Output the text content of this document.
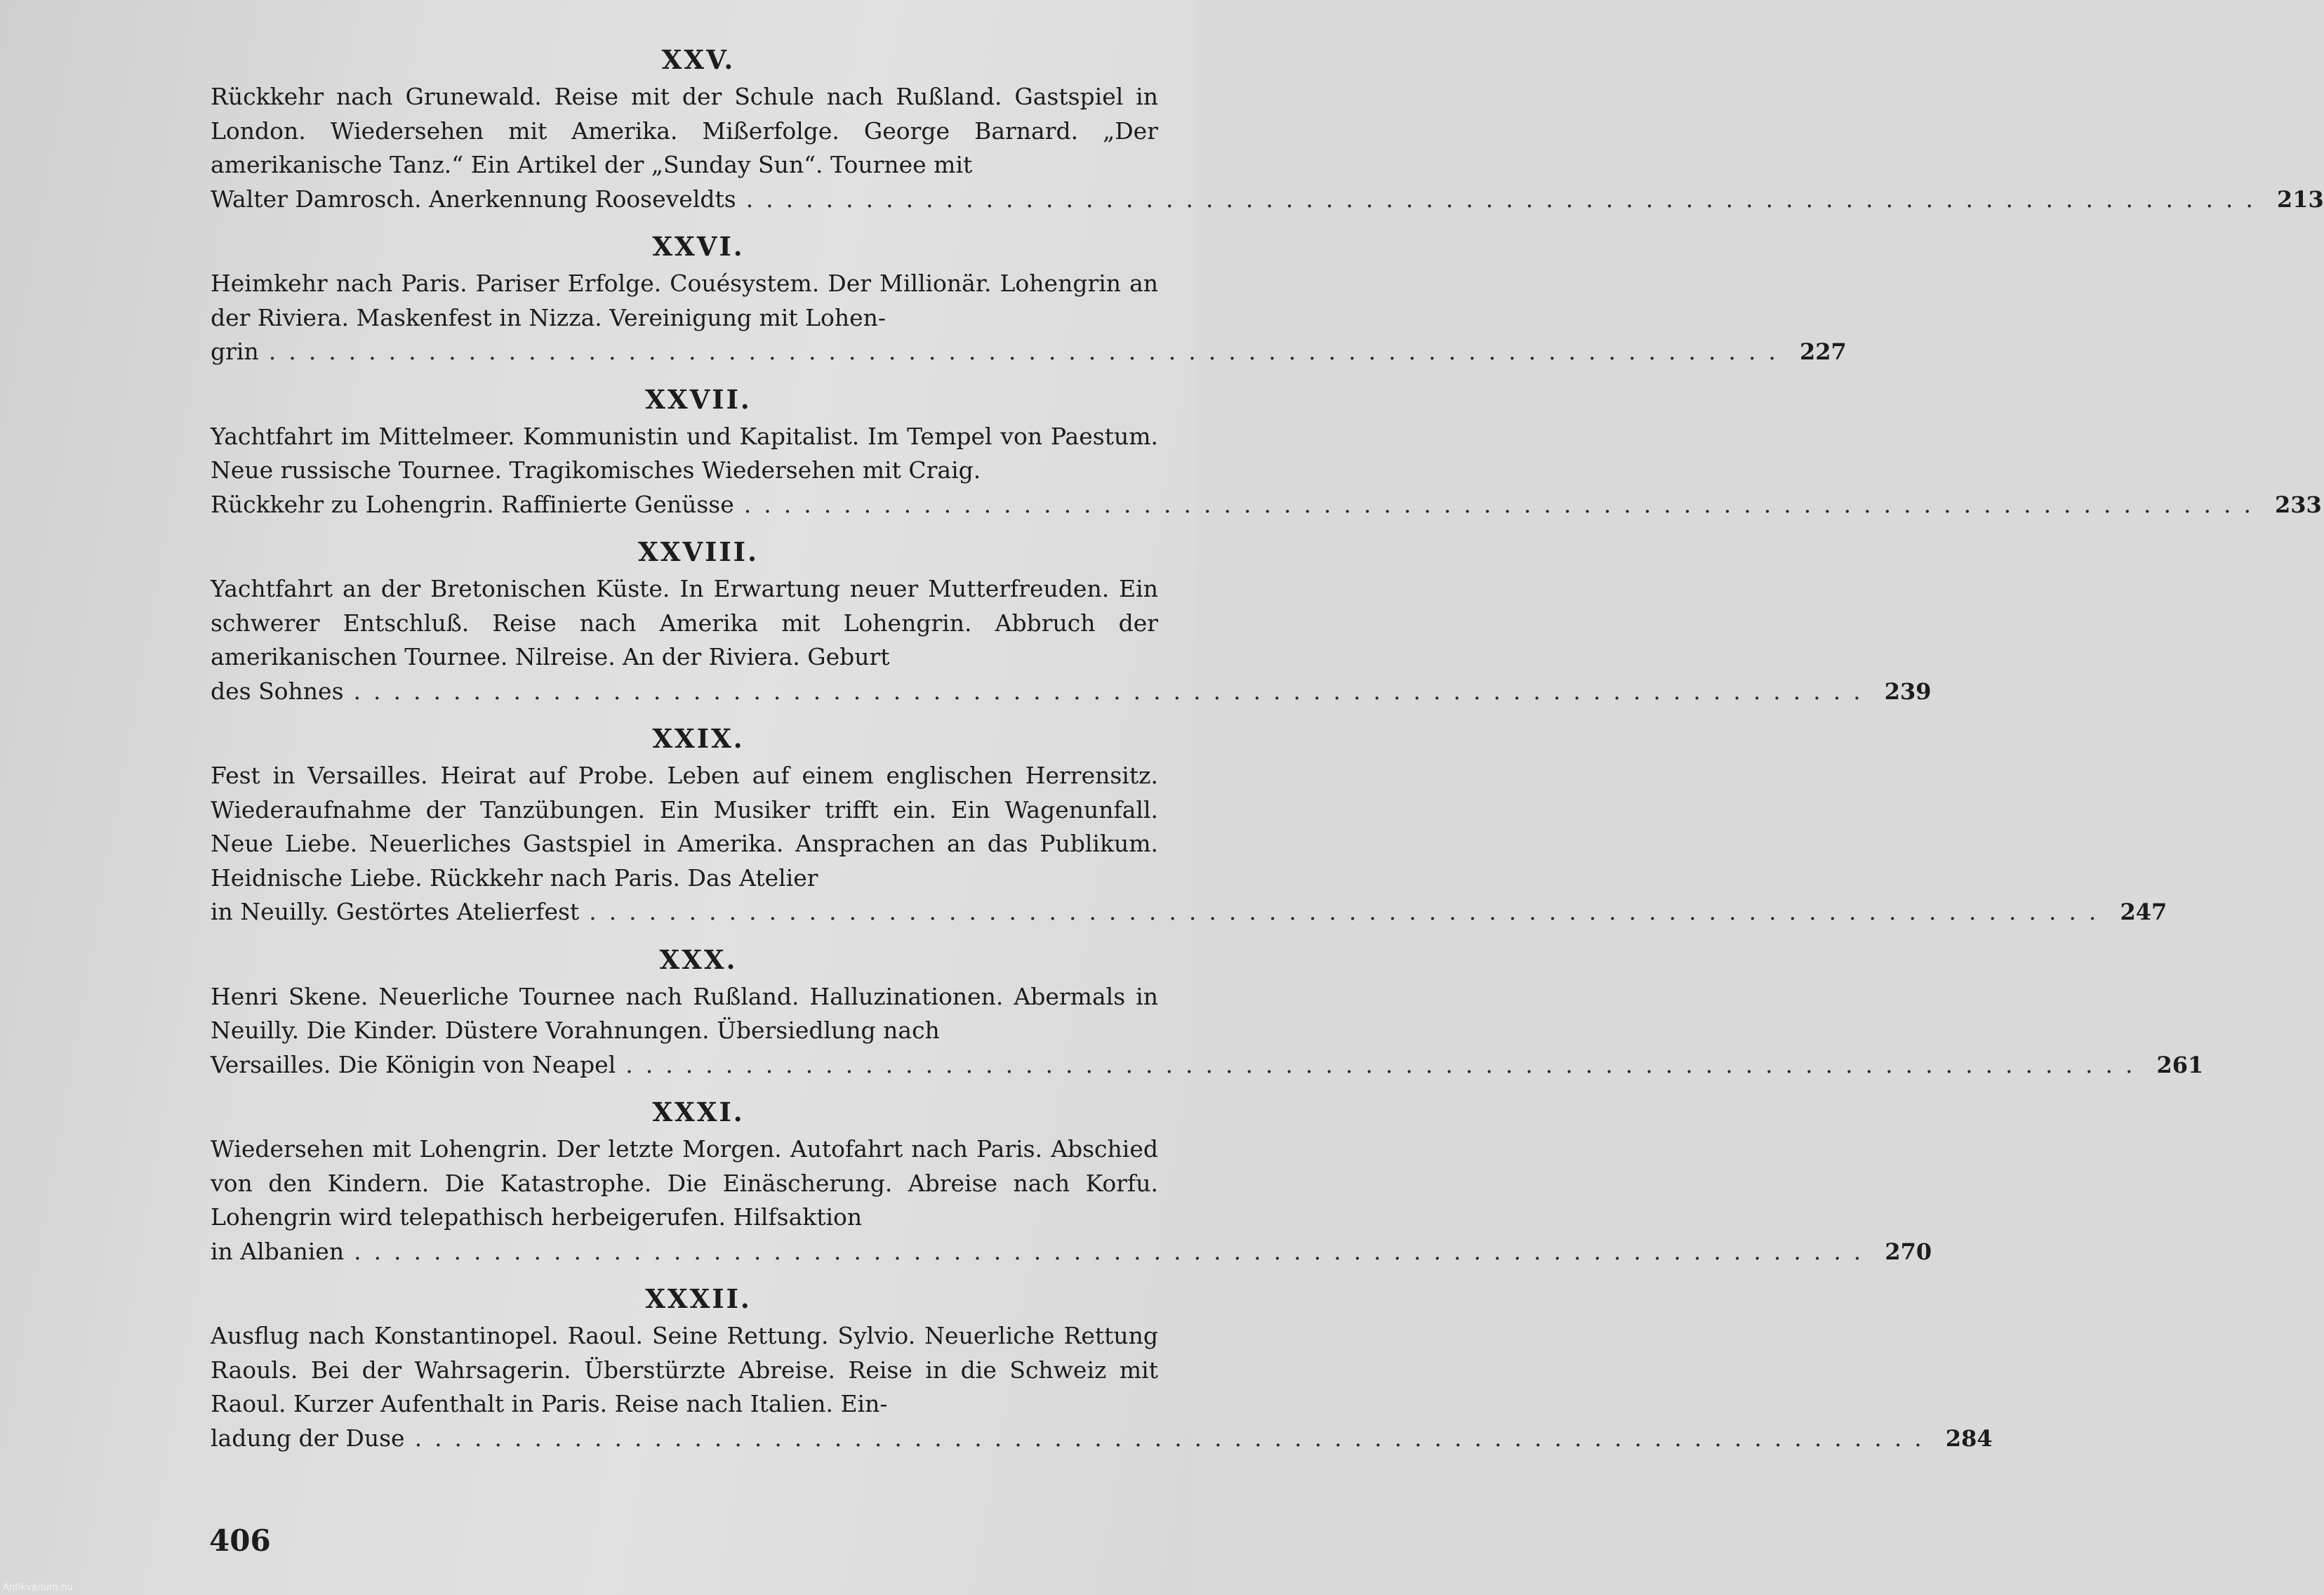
XXV.
Rückkehr nach Grunewald. Reise mit der Schule nach Rußland. Gastspiel in London. Wiedersehen mit Amerika. Mißerfolge. George Barnard. „Der amerikanische Tanz.“ Ein Artikel der „Sunday Sun“. Tournee mit
Walter Damrosch. Anerkennung Rooseveldts ............................................................................ 213
XXVI.
Heimkehr nach Paris. Pariser Erfolge. Couésystem. Der Millionär. Lohengrin an der Riviera. Maskenfest in Nizza. Vereinigung mit Lohen-
grin ............................................................................ 227
XXVII.
Yachtfahrt im Mittelmeer. Kommunistin und Kapitalist. Im Tempel von Paestum. Neue russische Tournee. Tragikomisches Wiedersehen mit Craig.
Rückkehr zu Lohengrin. Raffinierte Genüsse ............................................................................ 233
XXVIII.
Yachtfahrt an der Bretonischen Küste. In Erwartung neuer Mutterfreuden. Ein schwerer Entschluß. Reise nach Amerika mit Lohengrin. Abbruch der amerikanischen Tournee. Nilreise. An der Riviera. Geburt
des Sohnes ............................................................................ 239
XXIX.
Fest in Versailles. Heirat auf Probe. Leben auf einem englischen Herrensitz. Wiederaufnahme der Tanzübungen. Ein Musiker trifft ein. Ein Wagenunfall. Neue Liebe. Neuerliches Gastspiel in Amerika. Ansprachen an das Publikum. Heidnische Liebe. Rückkehr nach Paris. Das Atelier
in Neuilly. Gestörtes Atelierfest ............................................................................ 247
XXX.
Henri Skene. Neuerliche Tournee nach Rußland. Halluzinationen. Abermals in Neuilly. Die Kinder. Düstere Vorahnungen. Übersiedlung nach
Versailles. Die Königin von Neapel ............................................................................ 261
XXXI.
Wiedersehen mit Lohengrin. Der letzte Morgen. Autofahrt nach Paris. Abschied von den Kindern. Die Katastrophe. Die Einäscherung. Abreise nach Korfu. Lohengrin wird telepathisch herbeigerufen. Hilfsaktion
in Albanien ............................................................................ 270
XXXII.
Ausflug nach Konstantinopel. Raoul. Seine Rettung. Sylvio. Neuerliche Rettung Raouls. Bei der Wahrsagerin. Überstürzte Abreise. Reise in die Schweiz mit Raoul. Kurzer Aufenthalt in Paris. Reise nach Italien. Ein-
ladung der Duse ............................................................................ 284
406
Antikvárium.hu
